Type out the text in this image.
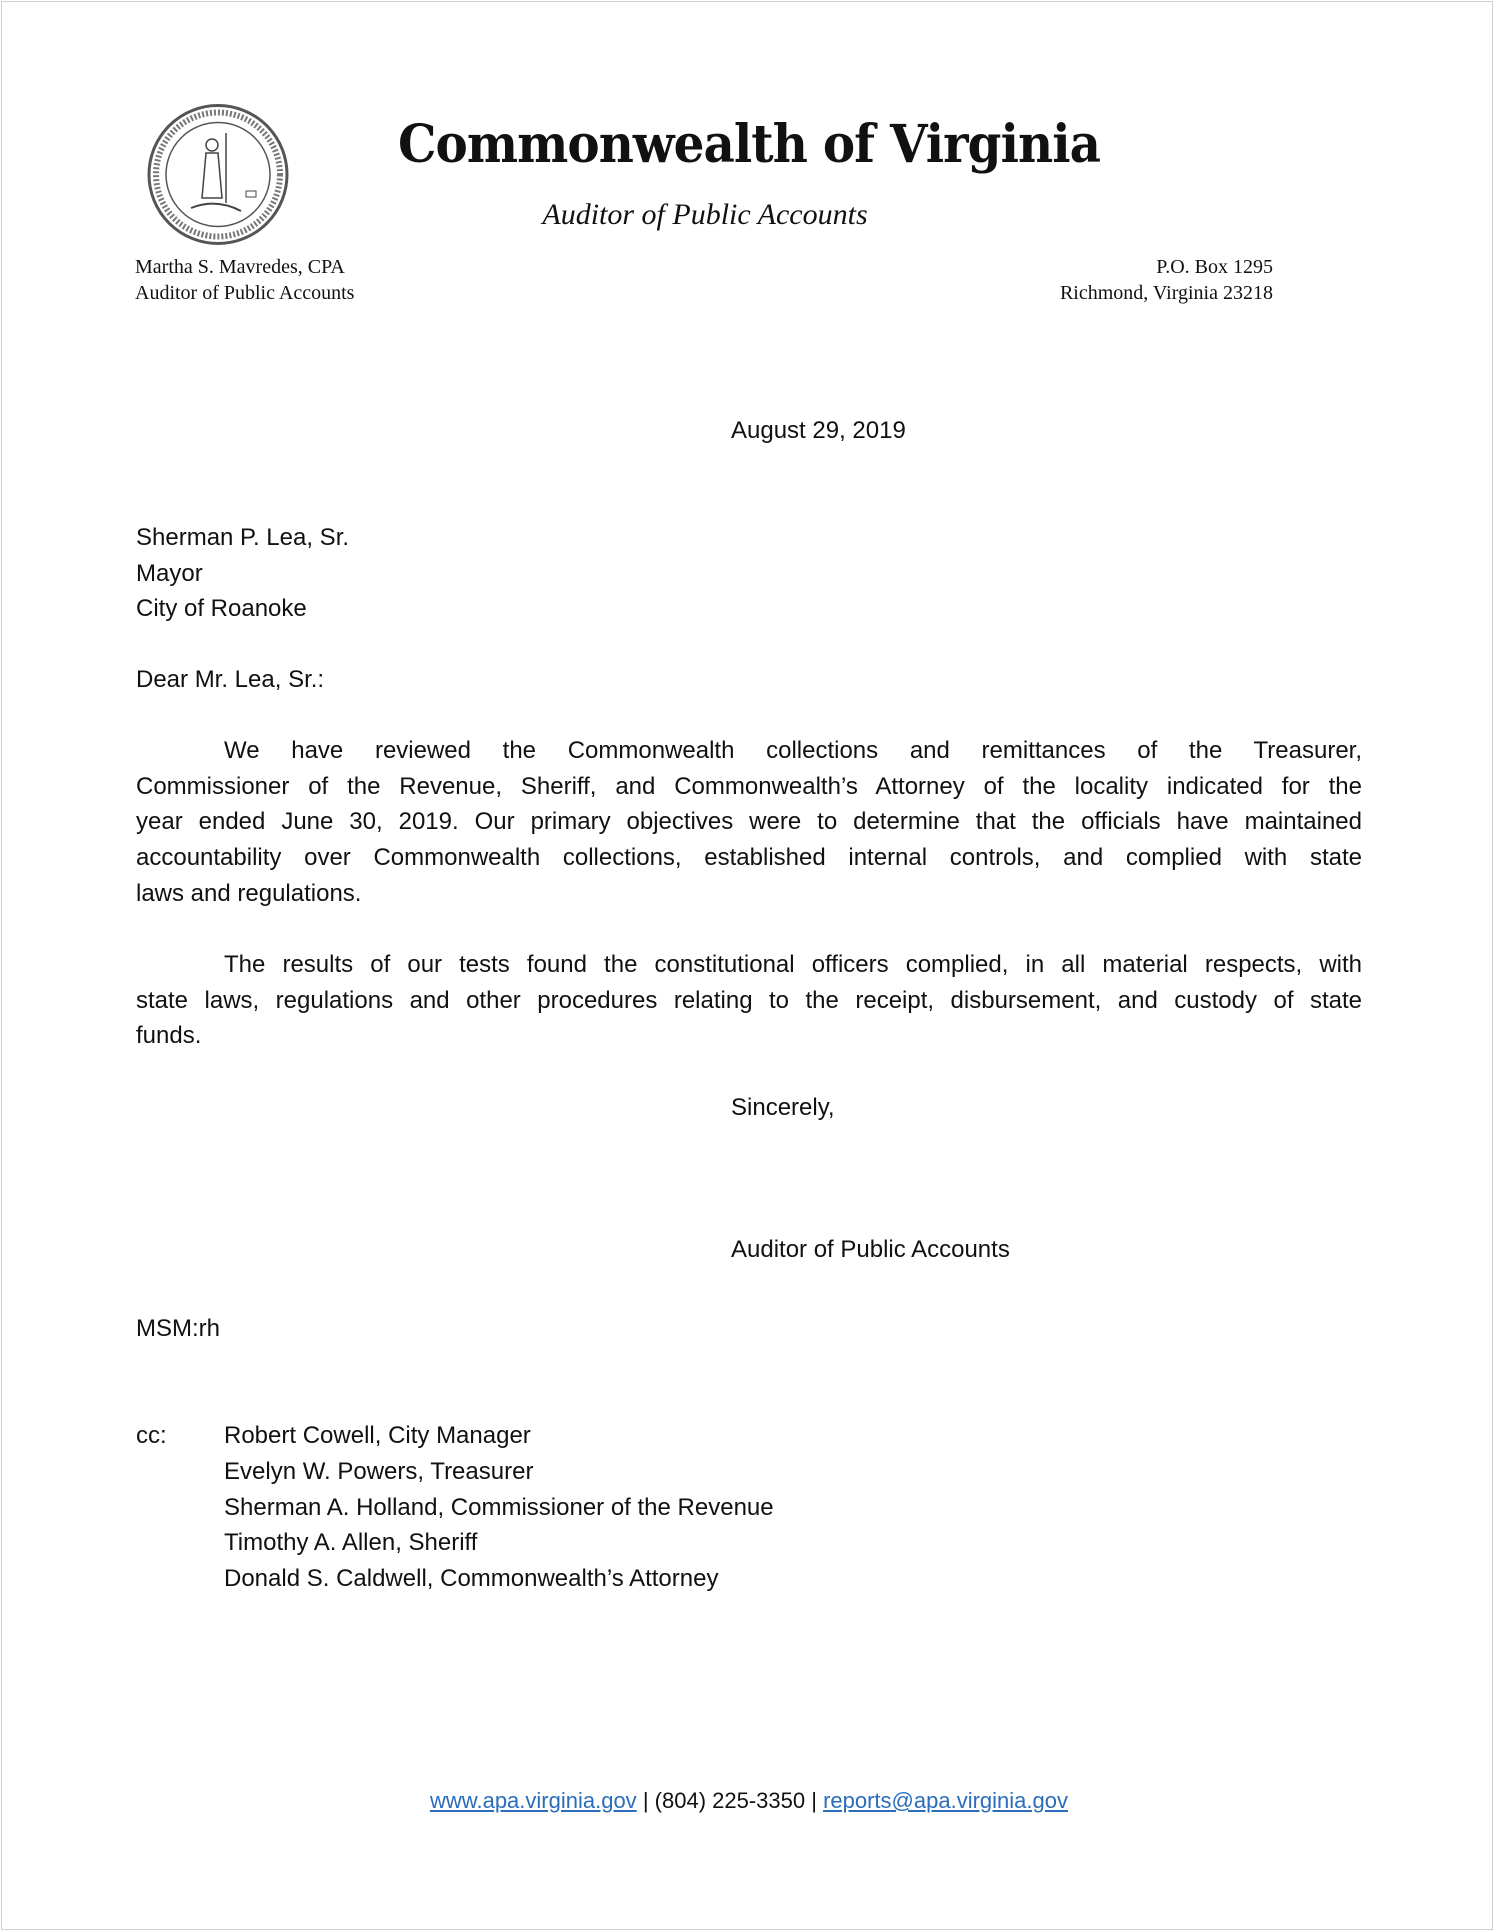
Commonwealth of Virginia
Auditor of Public Accounts
Martha S. Mavredes, CPA
Auditor of Public Accounts
P.O. Box 1295
Richmond, Virginia 23218
August 29, 2019
Sherman P. Lea, Sr.
Mayor
City of Roanoke
Dear Mr. Lea, Sr.:
We have reviewed the Commonwealth collections and remittances of the Treasurer,
Commissioner of the Revenue, Sheriff, and Commonwealth’s Attorney of the locality indicated for the
year ended June 30, 2019. Our primary objectives were to determine that the officials have maintained
accountability over Commonwealth collections, established internal controls, and complied with state
laws and regulations.
The results of our tests found the constitutional officers complied, in all material respects, with
state laws, regulations and other procedures relating to the receipt, disbursement, and custody of state
funds.
Sincerely,
Auditor of Public Accounts
MSM:rh
cc: Robert Cowell, City Manager
Evelyn W. Powers, Treasurer
Sherman A. Holland, Commissioner of the Revenue
Timothy A. Allen, Sheriff
Donald S. Caldwell, Commonwealth’s Attorney
www.apa.virginia.gov | (804) 225-3350 | reports@apa.virginia.gov
